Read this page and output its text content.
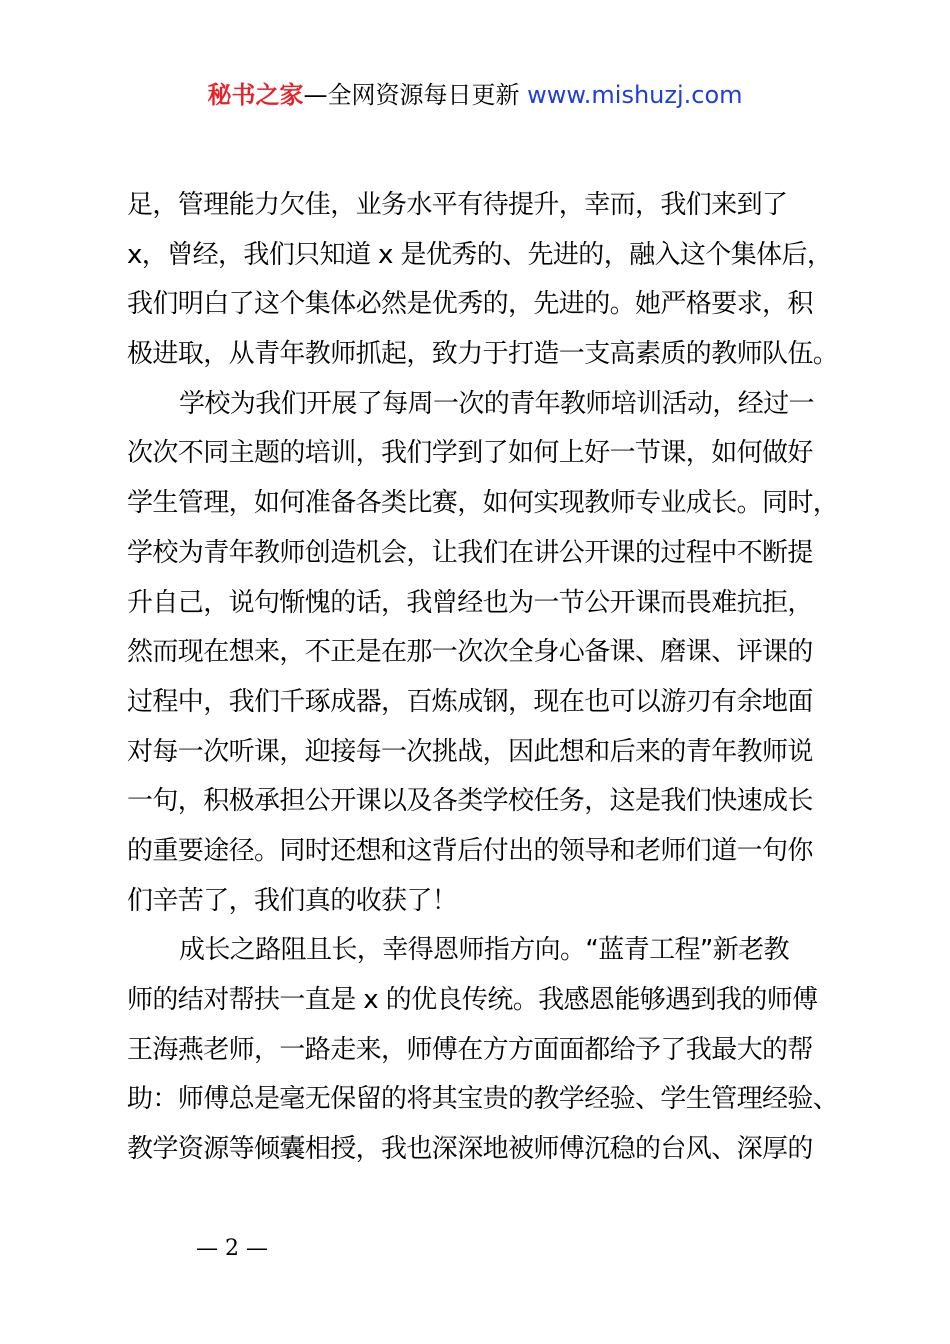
秘书之家—全网资源每日更新 www.mishuzj.com
足，管理能力欠佳，业务水平有待提升，幸而，我们来到了
x，曾经，我们只知道 x 是优秀的、先进的，融入这个集体后，
我们明白了这个集体必然是优秀的，先进的。她严格要求，积
极进取，从青年教师抓起，致力于打造一支高素质的教师队伍。
学校为我们开展了每周一次的青年教师培训活动，经过一
次次不同主题的培训，我们学到了如何上好一节课，如何做好
学生管理，如何准备各类比赛，如何实现教师专业成长。同时，
学校为青年教师创造机会，让我们在讲公开课的过程中不断提
升自己，说句惭愧的话，我曾经也为一节公开课而畏难抗拒，
然而现在想来，不正是在那一次次全身心备课、磨课、评课的
过程中，我们千琢成器，百炼成钢，现在也可以游刃有余地面
对每一次听课，迎接每一次挑战，因此想和后来的青年教师说
一句，积极承担公开课以及各类学校任务，这是我们快速成长
的重要途径。同时还想和这背后付出的领导和老师们道一句你
们辛苦了，我们真的收获了！
成长之路阻且长，幸得恩师指方向。“蓝青工程”新老教
师的结对帮扶一直是 x 的优良传统。我感恩能够遇到我的师傅
王海燕老师，一路走来，师傅在方方面面都给予了我最大的帮
助：师傅总是毫无保留的将其宝贵的教学经验、学生管理经验、
教学资源等倾囊相授，我也深深地被师傅沉稳的台风、深厚的
— 2 —
